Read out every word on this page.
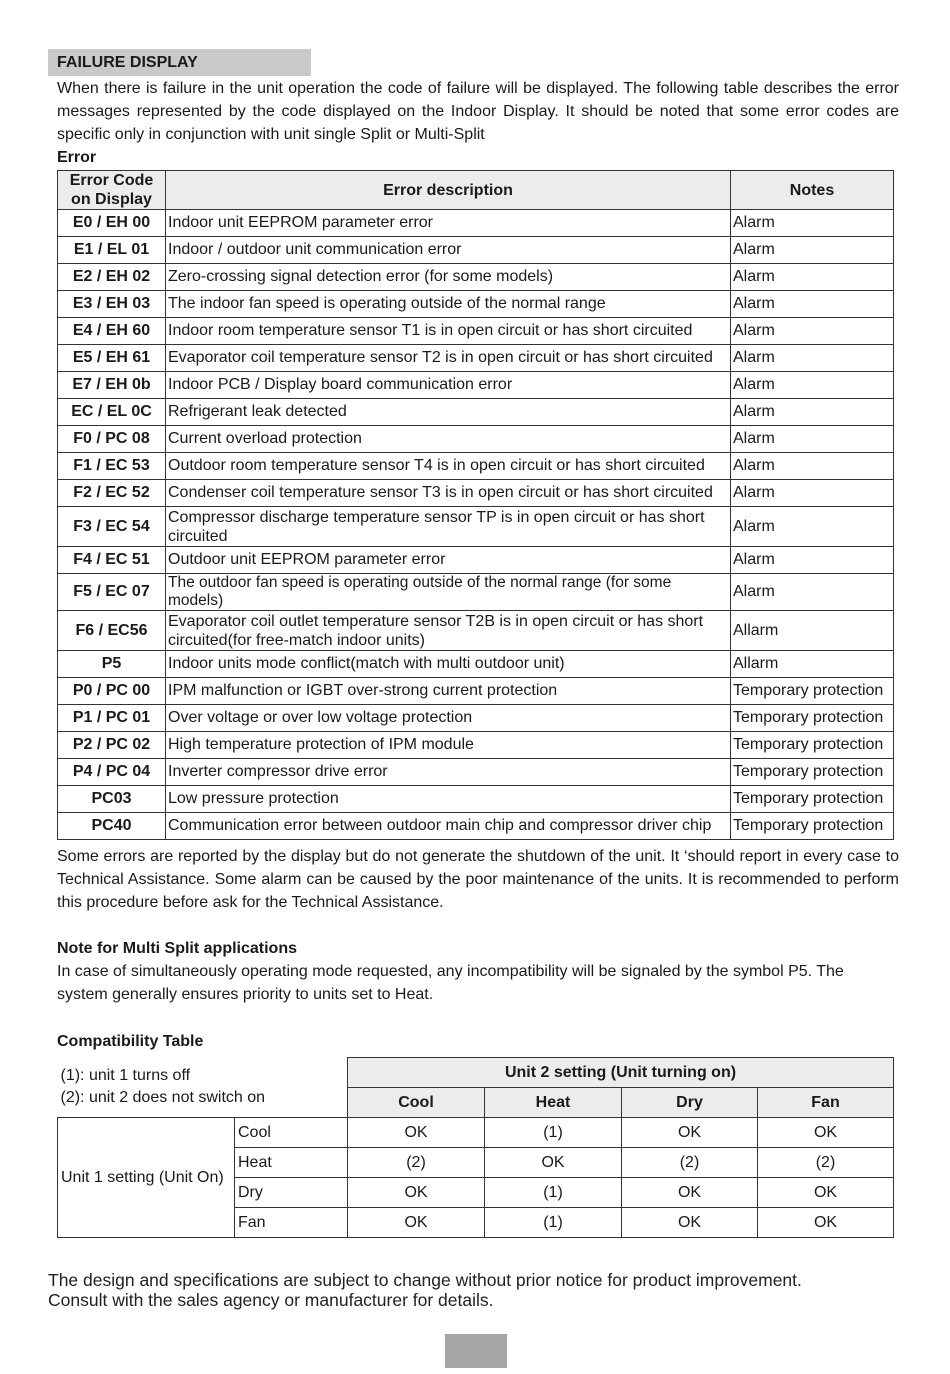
FAILURE DISPLAY
When there is failure in the unit operation the code of failure will be displayed. The following table describes the error messages represented by the code displayed on the Indoor Display. It should be noted that some error codes are specific only in conjunction with unit single Split or Multi-Split
Error
Error Code on Display	Error description	Notes
E0 / EH 00	Indoor unit EEPROM parameter error	Alarm
E1 / EL 01	Indoor / outdoor unit communication error	Alarm
E2 / EH 02	Zero-crossing signal detection error (for some models)	Alarm
E3 / EH 03	The indoor fan speed is operating outside of the normal range	Alarm
E4 / EH 60	Indoor room temperature sensor T1 is in open circuit or has short circuited	Alarm
E5 / EH 61	Evaporator coil temperature sensor T2 is in open circuit or has short circuited	Alarm
E7 / EH 0b	Indoor PCB / Display board communication error	Alarm
EC / EL 0C	Refrigerant leak detected	Alarm
F0 / PC 08	Current overload protection	Alarm
F1 / EC 53	Outdoor room temperature sensor T4 is in open circuit or has short circuited	Alarm
F2 / EC 52	Condenser coil temperature sensor T3 is in open circuit or has short circuited	Alarm
F3 / EC 54	Compressor discharge temperature sensor TP is in open circuit or has short circuited	Alarm
F4 / EC 51	Outdoor unit EEPROM parameter error	Alarm
F5 / EC 07	The outdoor fan speed is operating outside of the normal range (for some models)	Alarm
F6 / EC56	Evaporator coil outlet temperature sensor T2B is in open circuit or has short circuited(for free-match indoor units)	Allarm
P5	Indoor units mode conflict(match with multi outdoor unit)	Allarm
P0 / PC 00	IPM malfunction or IGBT over-strong current protection	Temporary protection
P1 / PC 01	Over voltage or over low voltage protection	Temporary protection
P2 / PC 02	High temperature protection of IPM module	Temporary protection
P4 / PC 04	Inverter compressor drive error	Temporary protection
PC03	Low pressure protection	Temporary protection
PC40	Communication error between outdoor main chip and compressor driver chip	Temporary protection
Some errors are reported by the display but do not generate the shutdown of the unit. It ‘should report in every case to Technical Assistance. Some alarm can be caused by the poor maintenance of the units. It is recommended to perform this procedure before ask for the Technical Assistance.
Note for Multi Split applications
In case of simultaneously operating mode requested, any incompatibility will be signaled by the symbol P5. The
system generally ensures priority to units set to Heat.
Compatibility Table
(1): unit 1 turns off
(2): unit 2 does not switch on		Unit 2 setting (Unit turning on)			
		Cool	Heat	Dry	Fan
Unit 1 setting (Unit On)	Cool	OK	(1)	OK	OK
	Heat	(2)	OK	(2)	(2)
	Dry	OK	(1)	OK	OK
	Fan	OK	(1)	OK	OK
The design and specifications are subject to change without prior notice for product improvement.
Consult with the sales agency or manufacturer for details.
